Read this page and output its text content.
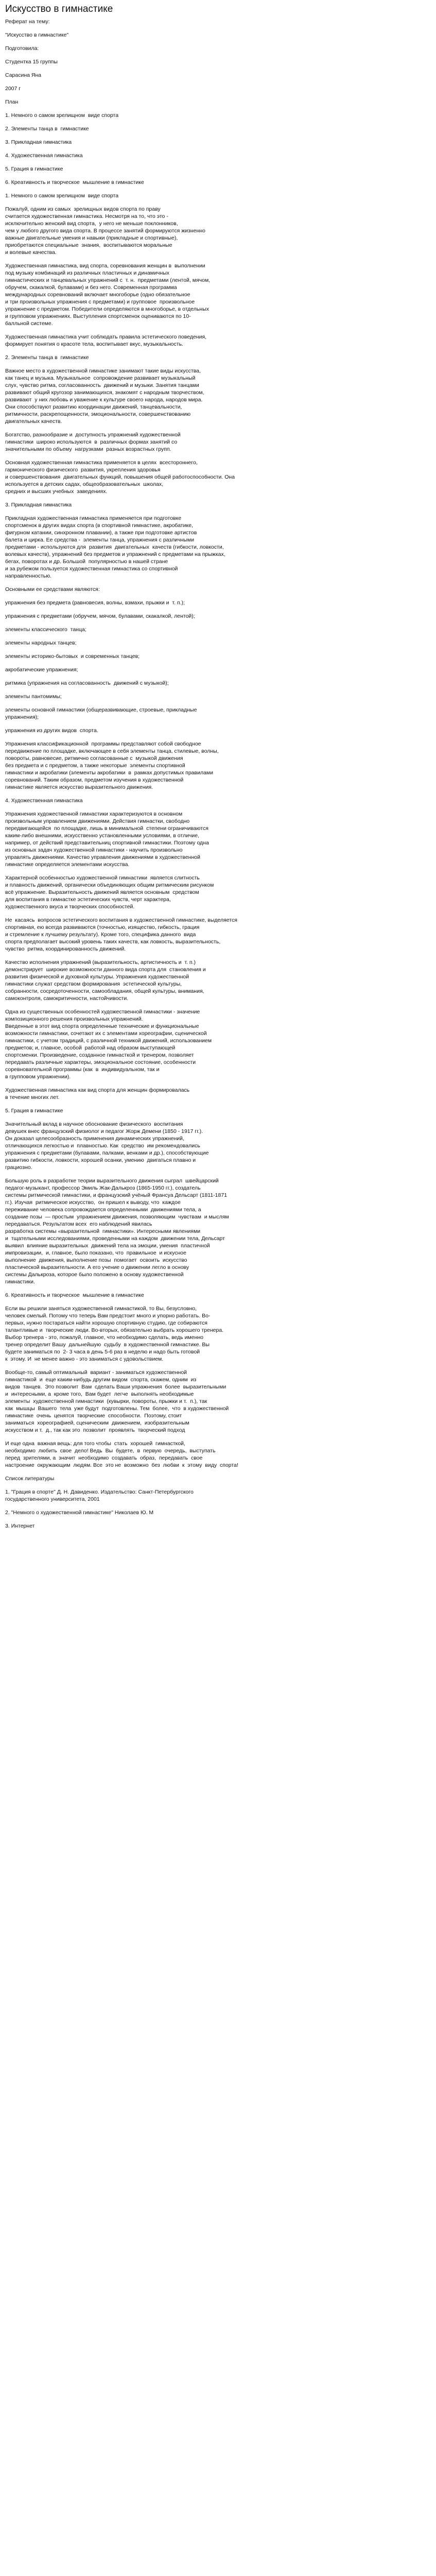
Искусство в гимнастике
Реферат на тему:
"Искусство в гимнастике"
Подготовила:
Студентка 15 группы
Сарасина Яна
2007 г
План
1. Немного о самом зрелищном  виде спорта
2. Элементы танца в  гимнастике
3. Прикладная гимнастика
4. Художественная гимнастика
5. Грация в гимнастике
6. Креативность и творческое  мышление в гимнастике
1. Немного о самом зрелищном  виде спорта
Пожалуй, одним из самых  зрелищных видов спорта по праву
считается художественная гимнастика. Несмотря на то, что это -
исключительно женский вид спорта,  у него не меньше поклонников,
чем у любого другого вида спорта. В процессе занятий формируются жизненно
важные двигательные умения и навыки (прикладные и спортивные),
приобретаются специальные  знания,  воспитываются моральные
и волевые качества.
Художественная гимнастика, вид спорта, соревнования женщин в  выполнении
под музыку комбинаций из различных пластичных и динамичных
гимнастических и танцевальных упражнений с  т. н.  предметами (лентой, мячом,
обручем, скакалкой, булавами) и без него. Современная программа
международных соревнований включает многоборье (одно обязательное
и три произвольных упражнения с предметами) и групповое  произвольное
упражнение с предметом. Победители определяются в многоборье, в отдельных
и групповом упражнениях. Выступления спортсменок оцениваются по 10-
балльной системе.
Художественная гимнастика учит соблюдать правила эстетического поведения,
формирует понятия о красоте тела, воспитывает вкус, музыкальность.
2. Элементы танца в  гимнастике
Важное место в художественной гимнастике занимают такие виды искусства,
как танец и музыка. Музыкальное  сопровождение развивает музыкальный
слух, чувство ритма, согласованность  движений и музыки. Занятия танцами
развивают общий кругозор занимающихся, знакомят с народным творчеством,
развивают  у них любовь и уважение к культуре своего народа, народов мира.
Они способствуют развитию координации движений, танцевальности,
ритмичности, раскрепощенности, эмоциональности, совершенствованию
двигательных качеств.
Богатство, разнообразие и  доступность упражнений художественной
гимнастики  широко используются  в  различных формах занятий со
значительными по объему  нагрузками  разных возрастных групп.
Основная художественная гимнастика применяется в целях  всестороннего,
гармонического физического  развития, укрепления здоровья
и совершенствования  двигательных функций, повышения общей работоспособности. Она
используется в детских садах, общеобразовательных  школах,
средних и высших учебных  заведениях.
3. Прикладная гимнастика
Прикладная художественная гимнастика применяется при подготовке
спортсменок в других видах спорта (в спортивной гимнастике, акробатике,
фигурном катании, синхронном плавании), а также при подготовке артистов
балета и цирка. Ее средства -  элементы танца, упражнения с различными
предметами - используются для  развития  двигательных  качеств (гибкости, ловкости,
волевых качеств), упражнений без предметов и упражнений с предметами на прыжках,
бегах, поворотах и др. Большой  популярностью в нашей стране
и за рубежом пользуется художественная гимнастика со спортивной
направленностью.
Основными ее средствами являются:
упражнения без предмета (равновесия, волны, взмахи, прыжки и  т. п.);
упражнения с предметами (обручем, мячом, булавами, скакалкой, лентой);
элементы классического  танца;
элементы народных танцев;
элементы историко-бытовых  и современных танцев;
акробатические упражнения;
ритмика (упражнения на согласованность  движений с музыкой);
элементы пантомимы;
элементы основной гимнастики (общеразвивающие, строевые, прикладные
упражнения);
упражнения из других видов  спорта.
Упражнения классификационной  программы представляют собой свободное
передвижение по площадке, включающее в себя элементы танца, стилевые, волны,
повороты, равновесие, ритмично согласованные с  музыкой движения
без предмета и с предметом, а также некоторые  элементы спортивной
гимнастики и акробатики (элементы акробатики  в  рамках допустимых правилами
соревнований. Таким образом, предметом изучения в художественной
гимнастике является искусство выразительного движения.
4. Художественная гимнастика
Упражнения художественной гимнастики характеризуются в основном
произвольным управлением движениями. Действия гимнастки, свободно
передвигающейся  по площадке, лишь в минимальной  степени ограничиваются
каким-либо внешними, искусственно установленными условиями, в отличие,
например, от действий представительниц спортивной гимнастики. Поэтому одна
из основных задач художественной гимнастики - научить произвольно
управлять движениями. Качество управления движениями в художественной
гимнастике определяется элементами искусства.
Характерной особенностью художественной гимнастики  является слитность
и плавность движений, органически объединяющих общим ритмическим рисунком
всё упражнение. Выразительность движений является основным  средством
для воспитания в гимнастке эстетических чувств, черт характера,
художественного вкуса и творческих способностей.
Не  касаясь  вопросов эстетического воспитания в художественной гимнастике, выделяется
спортивная, ею всегда развиваются (точностью, изящество, гибкость, грация
и стремление к лучшему результату). Кроме того, специфика данного  вида
спорта предполагает высокий уровень таких качеств, как ловкость, выразительность,
чувство  ритма, координированность движений.
Качество исполнения упражнений (выразительность, артистичность и  т. п.)
демонстрирует  широкие возможности данного вида спорта для  становления и
развития физической и духовной культуры. Упражнения художественной
гимнастики служат средством формирования  эстетической культуры,
собранности, сосредоточенности, самообладания, общей культуры, внимания,
самоконтроля, самокритичности, настойчивости.
Одна из существенных особенностей художественной гимнастики - значение
композиционного решения произвольных упражнений.
Введенные в этот вид спорта определенные технические и функциональные
возможности гимнастики, сочетают их с элементами хореографии, сценической
гимнастики, с учетом традиций, с различной техникой движений, использованием
предметов; и, главное, особой  работой над образом выступающей
спортсменки. Произведение, созданное гимнасткой и тренером, позволяет
передавать различные характеры, эмоциональное состояние, особенности
соревновательной программы (как  в  индивидуальном, так и
в групповом упражнении).
Художественная гимнастика как вид спорта для женщин формировалась
в течение многих лет.
5. Грация в гимнастике
Значительный вклад в научное обоснование физического  воспитания
девушек внес французский физиолог и педагог Жорж Демени (1850 - 1917 гг.).
Он доказал целесообразность применения динамических упражнений,
отличающихся легкостью и  плавностью. Как  средство  им рекомендовались
упражнения с предметами (булавами, палками, венками и др.), способствующие
развитию гибкости, ловкости, хорошей осанки, умению  двигаться плавно и
грациозно.
Большую роль в разработке теории выразительного движения сыграл  швейцарский
педагог-музыкант, профессор Эмиль Жак-Далькроз (1865-1950 гг.), создатель
системы ритмической гимнастики, и французский учёный Франсуа Дельсарт (1811-1871
гг.). Изучая  ритмическое искусство,  он пришел к выводу, что  каждое
переживание человека сопровождается определенными  движениями тела, а
создание позы  — простым  упражнением движения, позволяющим  чувствам  и мыслям
передаваться. Результатом всех  его наблюдений явилась
разработка системы «выразительной  гимнастики». Интересными явлениями
и  тщательными исследованиями, проведенными на каждом  движении тела, Дельсарт
выявил  влияние выразительных  движений тела на эмоции, умения  пластичной
импровизации,  и, главное, было показано, что  правильное  и искусное
выполнение  движения, выполнение позы  помогает  освоить  искусство
пластической выразительности. А его учение о движении легло в основу
системы Далькроза, которое было положено в основу художественной
гимнастики.
6. Креативность и творческое  мышление в гимнастике
Если вы решили заняться художественной гимнастикой, то Вы, безусловно,
человек смелый. Потому что теперь Вам предстоит много и упорно работать. Во-
первых, нужно постараться найти хорошую спортивную студию, где собираются
талантливые и  творческие люди. Во-вторых, обязательно выбрать хорошего тренера.
Выбор тренера - это, пожалуй, главное, что необходимо сделать, ведь именно
тренер определит Вашу  дальнейшую  судьбу  в художественной гимнастике. Вы
будете заниматься по  2- 3 часа в день 5-6 раз в неделю и надо быть готовой
к  этому. И  не менее важно - это заниматься с удовольствием.
Вообще-то, самый оптимальный  вариант - заниматься художественной
гимнастикой  и  еще каким-нибудь другим видом  спорта, скажем, одним  из
видов  танцев.  Это позволит  Вам  сделать Ваши упражнения  более  выразительными
и  интересными, а  кроме того,  Вам будет  легче  выполнять необходимые
элементы  художественной гимнастики  (кувырки, повороты, прыжки и т.  п.), так
как  мышцы  Вашего  тела  уже будут  подготовлены. Тем  более,  что  в художественной
гимнастике  очень  ценятся  творческие  способности.  Поэтому, стоит
заниматься  хореографией, сценическим  движением,  изобразительным
искусством и т.  д., так как это  позволит  проявлять  творческий подход
И еще одна  важная вещь: для того чтобы  стать  хорошей  гимнасткой,
необходимо  любить  свое  дело! Ведь  Вы  будете,  в  первую  очередь,  выступать
перед  зрителями, а  значит  необходимо  создавать  образ,  передавать  свое
настроение  окружающим  людям. Все  это не  возможно  без  любви  к  этому  виду  спорта!
Список литературы
1. "Грация в спорте" Д. Н. Давиденко. Издательство: Санкт-Петербургского
государственного университета, 2001
2. "Немного о художественной гимнастике" Николаев Ю. М
3. Интернет
